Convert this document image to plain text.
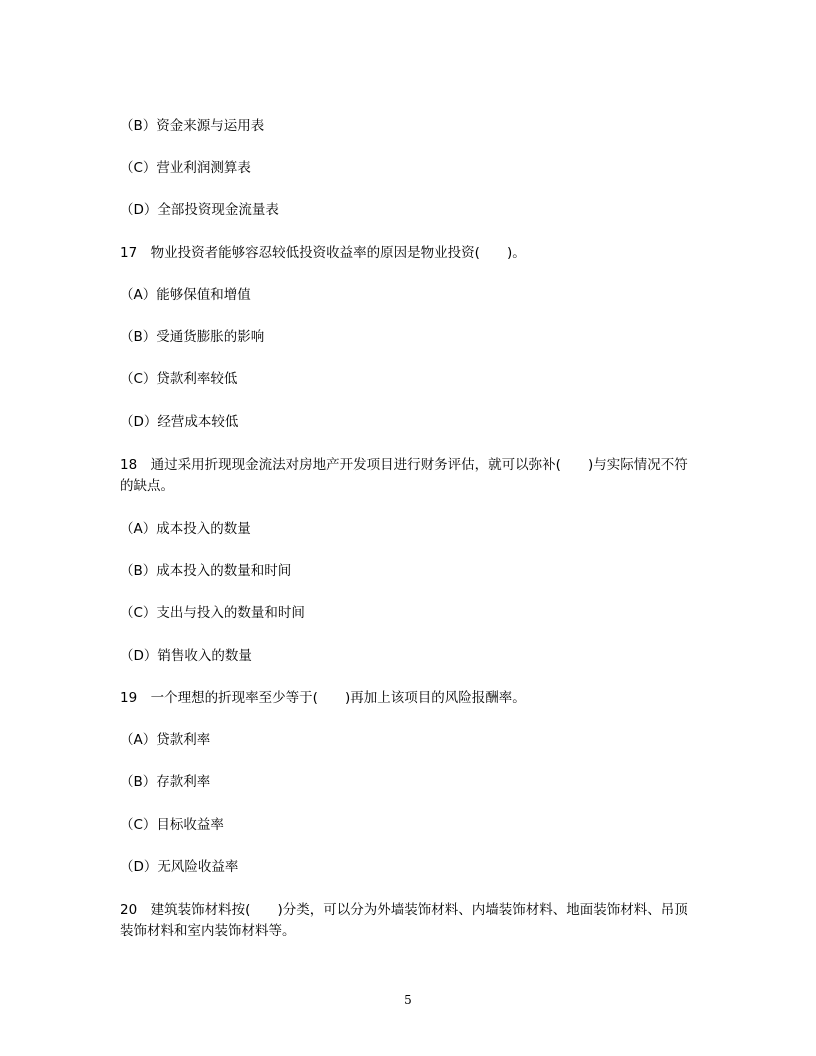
（B）资金来源与运用表
（C）营业利润测算表
（D）全部投资现金流量表
17　物业投资者能够容忍较低投资收益率的原因是物业投资(　　)。
（A）能够保值和增值
（B）受通货膨胀的影响
（C）贷款利率较低
（D）经营成本较低
18　通过采用折现现金流法对房地产开发项目进行财务评估，就可以弥补(　　)与实际情况不符的缺点。
（A）成本投入的数量
（B）成本投入的数量和时间
（C）支出与投入的数量和时间
（D）销售收入的数量
19　一个理想的折现率至少等于(　　)再加上该项目的风险报酬率。
（A）贷款利率
（B）存款利率
（C）目标收益率
（D）无风险收益率
20　建筑装饰材料按(　　)分类，可以分为外墙装饰材料、内墙装饰材料、地面装饰材料、吊顶装饰材料和室内装饰材料等。
5
